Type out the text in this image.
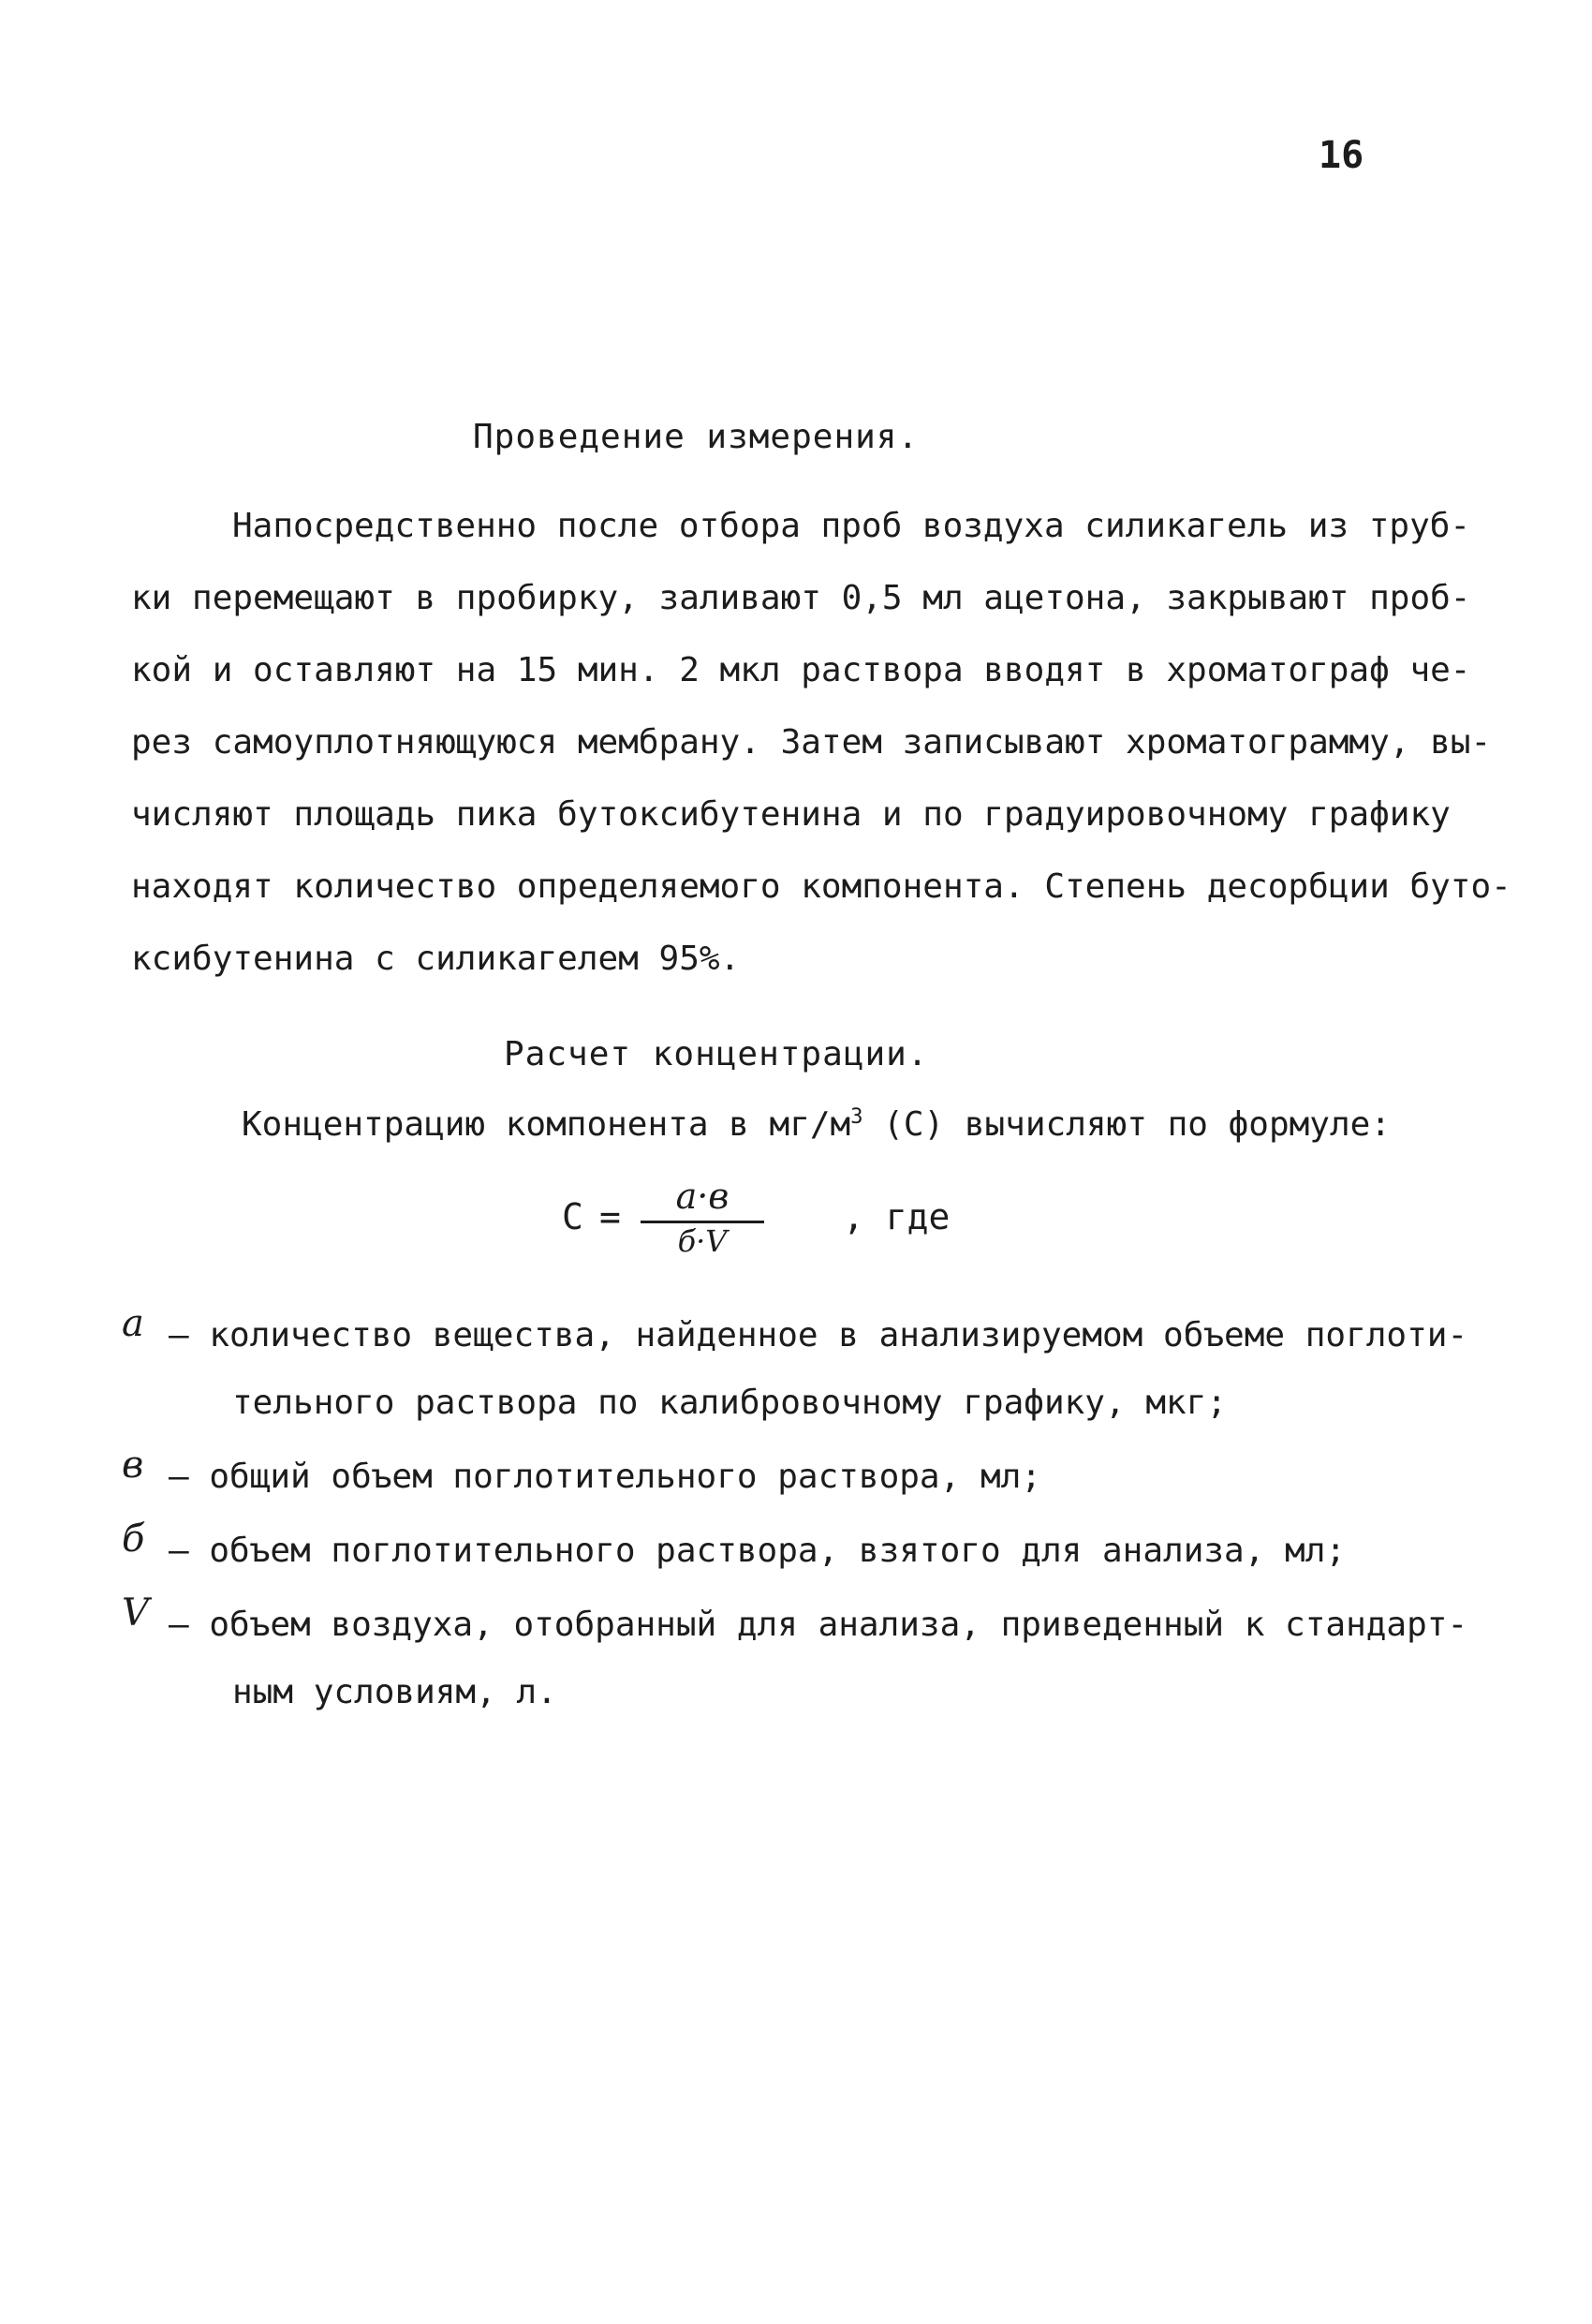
16
Проведение измерения.
Напосредственно после отбора проб воздуха силикагель из труб-
ки перемещают в пробирку, заливают 0,5 мл ацетона, закрывают проб-
кой и оставляют на 15 мин. 2 мкл раствора вводят в хроматограф че-
рез самоуплотняющуюся мембрану. Затем записывают хроматограмму, вы-
числяют площадь пика бутоксибутенина и по градуировочному графику
находят количество определяемого компонента. Степень десорбции буто-
ксибутенина с силикагелем 95%.
Расчет концентрации.
Концентрацию компонента в $мг/м^3$ (С) вычисляют по формуле:
С =	а·в
б·V
, где
а – количество вещества, найденное в анализируемом объеме поглоти-
тельного раствора по калибровочному графику, мкг;
в – общий объем поглотительного раствора, мл;
б – объем поглотительного раствора, взятого для анализа, мл;
V – объем воздуха, отобранный для анализа, приведенный к стандарт-
ным условиям, л.
